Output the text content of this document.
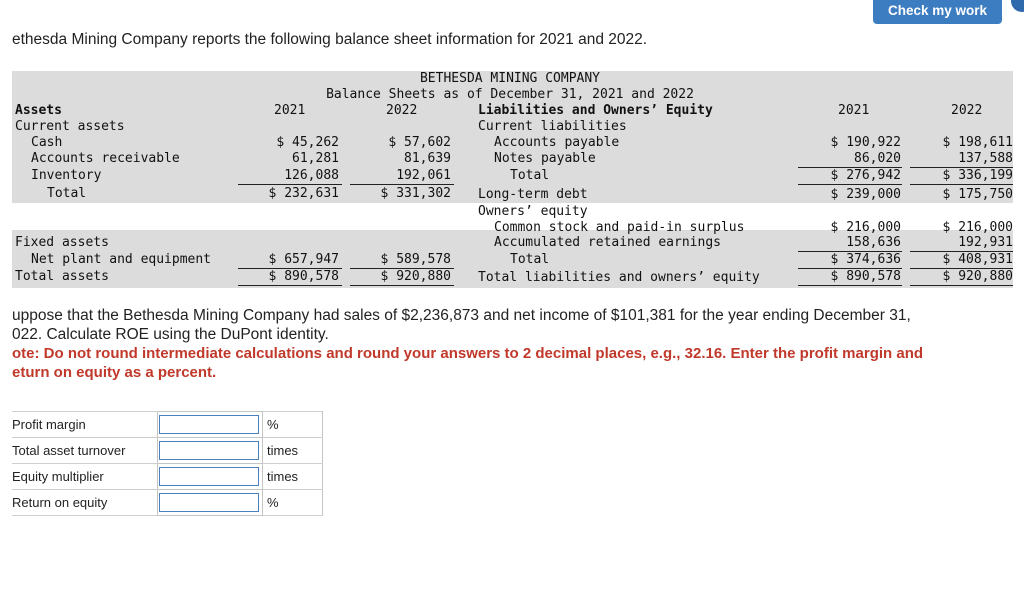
Check my work
ethesda Mining Company reports the following balance sheet information for 2021 and 2022.
BETHESDA MINING COMPANY
Balance Sheets as of December 31, 2021 and 2022
Assets	2021	2022	Liabilities and Owners’ Equity	2021	2022
Current assets
Cash	$ 45,262	$ 57,602
Accounts receivable	61,281	81,639
Inventory	126,088	192,061
Total	$ 232,631	$ 331,302
Fixed assets
Net plant and equipment	$ 657,947	$ 589,578
Total assets	$ 890,578	$ 920,880
Current liabilities
Accounts payable	$ 190,922	$ 198,611
Notes payable	86,020	137,588
Total	$ 276,942	$ 336,199
Long-term debt	$ 239,000	$ 175,750
Owners’ equity
Common stock and paid-in surplus	$ 216,000	$ 216,000
Accumulated retained earnings	158,636	192,931
Total	$ 374,636	$ 408,931
Total liabilities and owners’ equity	$ 890,578	$ 920,880
uppose that the Bethesda Mining Company had sales of $2,236,873 and net income of $101,381 for the year ending December 31,
022. Calculate ROE using the DuPont identity.
ote: Do not round intermediate calculations and round your answers to 2 decimal places, e.g., 32.16. Enter the profit margin and
eturn on equity as a percent.
Profit margin		%
Total asset turnover		times
Equity multiplier		times
Return on equity		%
